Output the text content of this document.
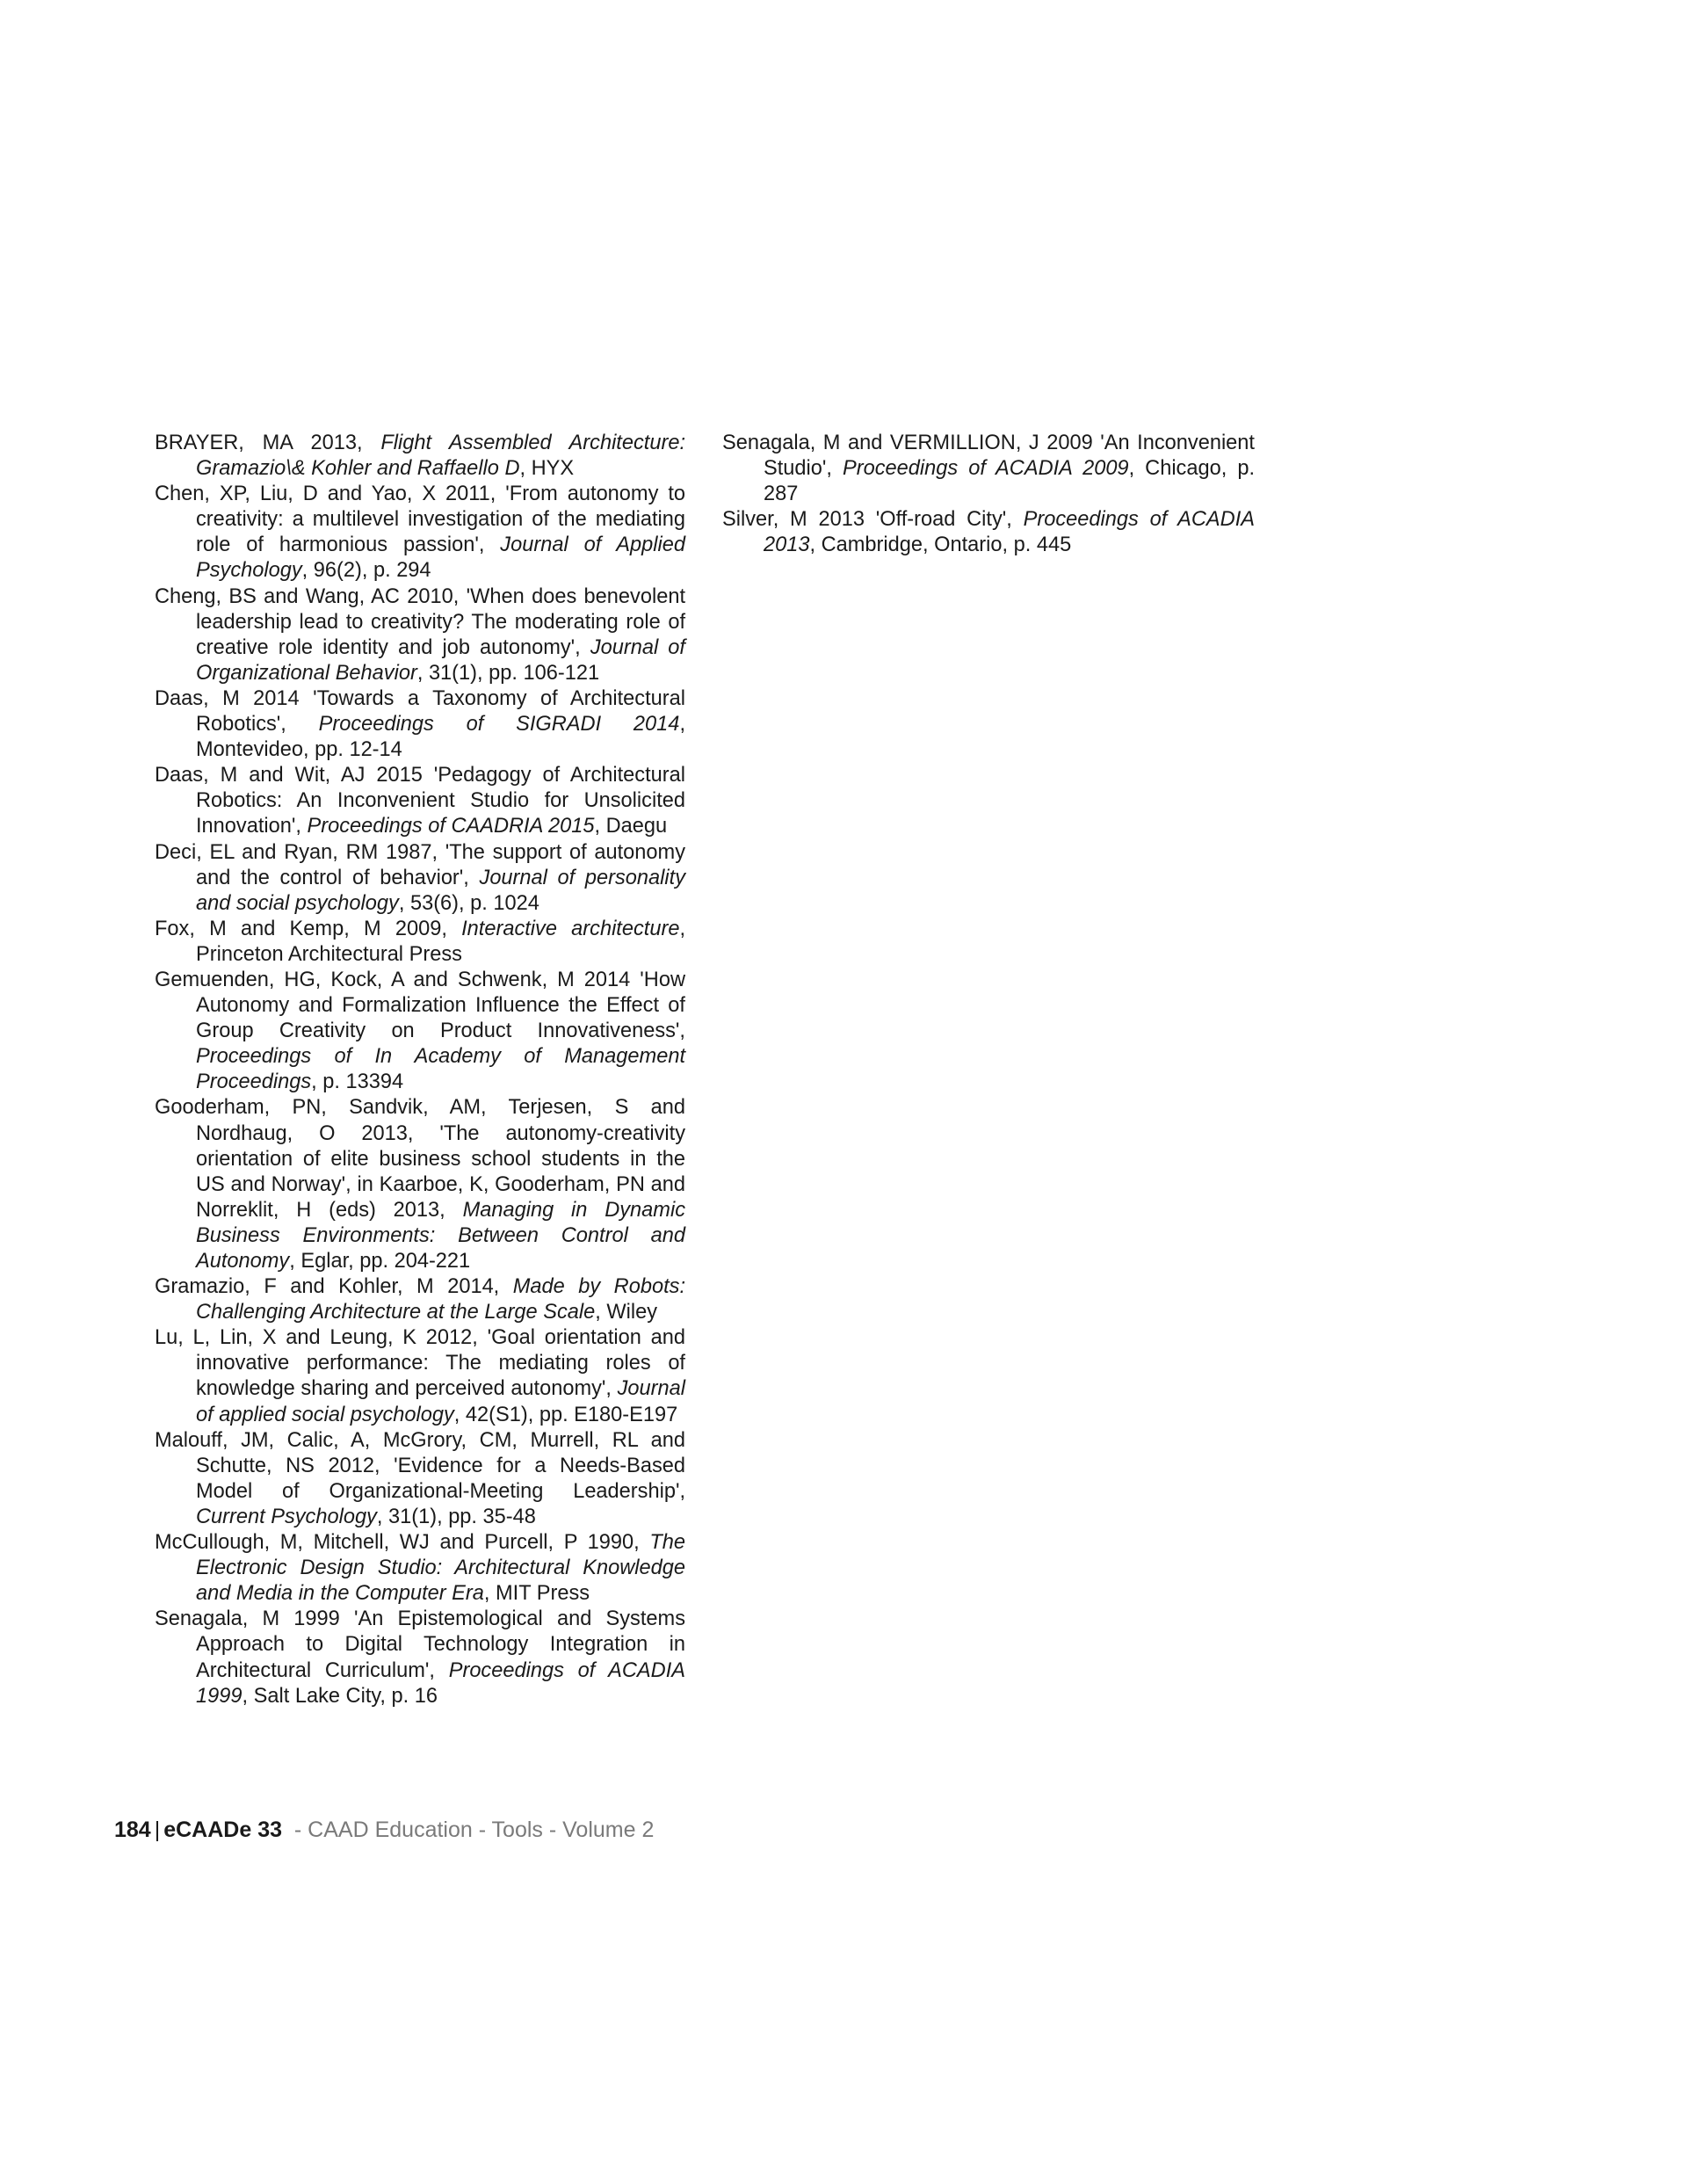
BRAYER, MA 2013, Flight Assembled Architecture: Gramazio\& Kohler and Raffaello D, HYX

Chen, XP, Liu, D and Yao, X 2011, 'From autonomy to creativity: a multilevel investigation of the mediating role of harmonious passion', Journal of Applied Psychology, 96(2), p. 294

Cheng, BS and Wang, AC 2010, 'When does benevolent leadership lead to creativity? The moderating role of creative role identity and job autonomy', Journal of Organizational Behavior, 31(1), pp. 106-121

Daas, M 2014 'Towards a Taxonomy of Architectural Robotics', Proceedings of SIGRADI 2014, Montevideo, pp. 12-14

Daas, M and Wit, AJ 2015 'Pedagogy of Architectural Robotics: An Inconvenient Studio for Unsolicited Innovation', Proceedings of CAADRIA 2015, Daegu

Deci, EL and Ryan, RM 1987, 'The support of autonomy and the control of behavior', Journal of personality and social psychology, 53(6), p. 1024

Fox, M and Kemp, M 2009, Interactive architecture, Princeton Architectural Press

Gemuenden, HG, Kock, A and Schwenk, M 2014 'How Autonomy and Formalization Influence the Effect of Group Creativity on Product Innovativeness', Proceedings of In Academy of Management Proceedings, p. 13394

Gooderham, PN, Sandvik, AM, Terjesen, S and Nordhaug, O 2013, 'The autonomy-creativity orientation of elite business school students in the US and Norway', in Kaarboe, K, Gooderham, PN and Norreklit, H (eds) 2013, Managing in Dynamic Business Environments: Between Control and Autonomy, Eglar, pp. 204-221

Gramazio, F and Kohler, M 2014, Made by Robots: Challenging Architecture at the Large Scale, Wiley

Lu, L, Lin, X and Leung, K 2012, 'Goal orientation and innovative performance: The mediating roles of knowledge sharing and perceived autonomy', Journal of applied social psychology, 42(S1), pp. E180-E197

Malouff, JM, Calic, A, McGrory, CM, Murrell, RL and Schutte, NS 2012, 'Evidence for a Needs-Based Model of Organizational-Meeting Leadership', Current Psychology, 31(1), pp. 35-48

McCullough, M, Mitchell, WJ and Purcell, P 1990, The Electronic Design Studio: Architectural Knowledge and Media in the Computer Era, MIT Press

Senagala, M 1999 'An Epistemological and Systems Approach to Digital Technology Integration in Architectural Curriculum', Proceedings of ACADIA 1999, Salt Lake City, p. 16

Senagala, M and VERMILLION, J 2009 'An Inconvenient Studio', Proceedings of ACADIA 2009, Chicago, p. 287

Silver, M 2013 'Off-road City', Proceedings of ACADIA 2013, Cambridge, Ontario, p. 445

184 | eCAADe 33 - CAAD Education - Tools - Volume 2
